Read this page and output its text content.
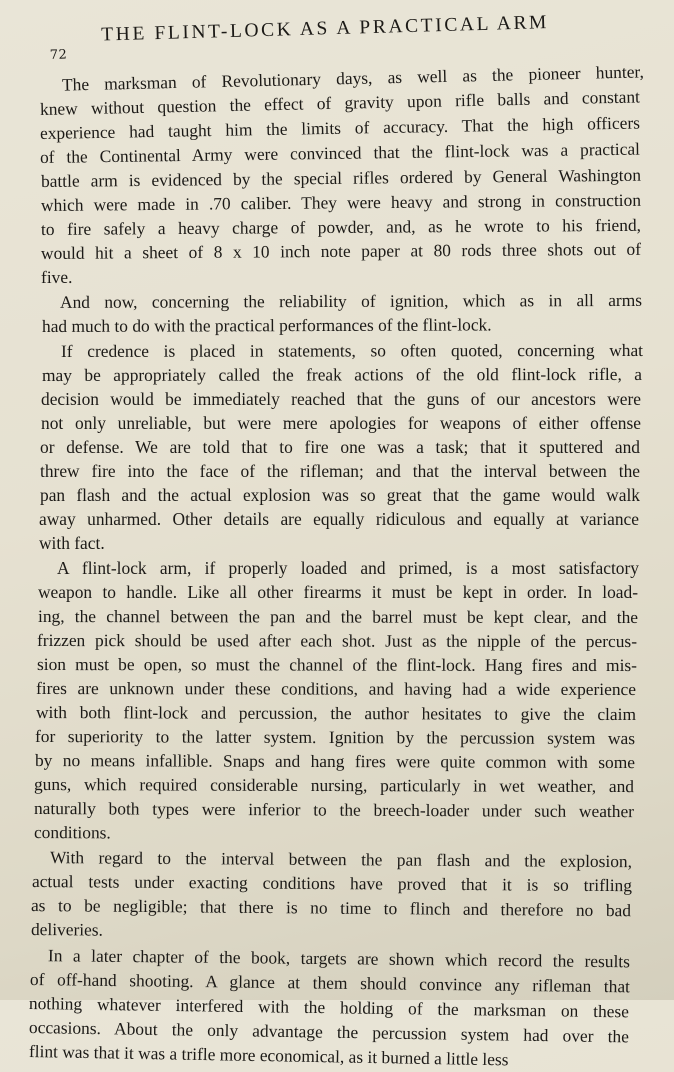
72
THE FLINT-LOCK AS A PRACTICAL ARM
The marksman of Revolutionary days, as well as the pioneer hunter,
knew without question the effect of gravity upon rifle balls and constant
experience had taught him the limits of accuracy. That the high officers
of the Continental Army were convinced that the flint-lock was a practical
battle arm is evidenced by the special rifles ordered by General Washington
which were made in .70 caliber. They were heavy and strong in construction
to fire safely a heavy charge of powder, and, as he wrote to his friend,
would hit a sheet of 8 x 10 inch note paper at 80 rods three shots out of
five.
And now, concerning the reliability of ignition, which as in all arms
had much to do with the practical performances of the flint-lock.
If credence is placed in statements, so often quoted, concerning what
may be appropriately called the freak actions of the old flint-lock rifle, a
decision would be immediately reached that the guns of our ancestors were
not only unreliable, but were mere apologies for weapons of either offense
or defense. We are told that to fire one was a task; that it sputtered and
threw fire into the face of the rifleman; and that the interval between the
pan flash and the actual explosion was so great that the game would walk
away unharmed. Other details are equally ridiculous and equally at variance
with fact.
A flint-lock arm, if properly loaded and primed, is a most satisfactory
weapon to handle. Like all other firearms it must be kept in order. In load-
ing, the channel between the pan and the barrel must be kept clear, and the
frizzen pick should be used after each shot. Just as the nipple of the percus-
sion must be open, so must the channel of the flint-lock. Hang fires and mis-
fires are unknown under these conditions, and having had a wide experience
with both flint-lock and percussion, the author hesitates to give the claim
for superiority to the latter system. Ignition by the percussion system was
by no means infallible. Snaps and hang fires were quite common with some
guns, which required considerable nursing, particularly in wet weather, and
naturally both types were inferior to the breech-loader under such weather
conditions.
With regard to the interval between the pan flash and the explosion,
actual tests under exacting conditions have proved that it is so trifling
as to be negligible; that there is no time to flinch and therefore no bad
deliveries.
In a later chapter of the book, targets are shown which record the results
of off-hand shooting. A glance at them should convince any rifleman that
nothing whatever interfered with the holding of the marksman on these
occasions. About the only advantage the percussion system had over the
flint was that it was a trifle more economical, as it burned a little less
